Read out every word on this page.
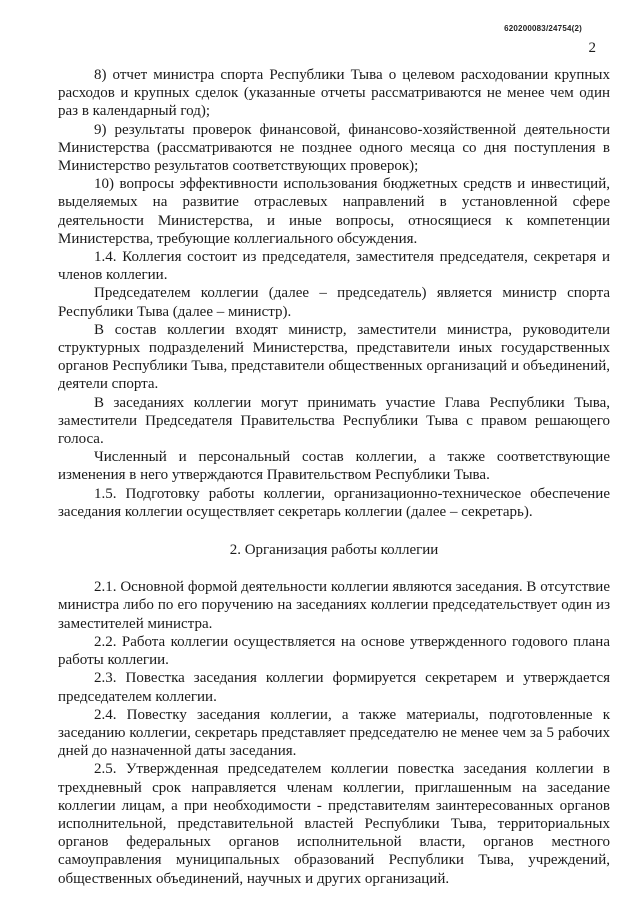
620200083/24754(2)
2

8) отчет министра спорта Республики Тыва о целевом расходовании крупных расходов и крупных сделок (указанные отчеты рассматриваются не менее чем один раз в календарный год);

9) результаты проверок финансовой, финансово-хозяйственной деятельности Министерства (рассматриваются не позднее одного месяца со дня поступления в Министерство результатов соответствующих проверок);

10) вопросы эффективности использования бюджетных средств и инвестиций, выделяемых на развитие отраслевых направлений в установленной сфере деятельности Министерства, и иные вопросы, относящиеся к компетенции Министерства, требующие коллегиального обсуждения.

1.4. Коллегия состоит из председателя, заместителя председателя, секретаря и членов коллегии.

Председателем коллегии (далее – председатель) является министр спорта Республики Тыва (далее – министр).

В состав коллегии входят министр, заместители министра, руководители структурных подразделений Министерства, представители иных государственных органов Республики Тыва, представители общественных организаций и объединений, деятели спорта.

В заседаниях коллегии могут принимать участие Глава Республики Тыва, заместители Председателя Правительства Республики Тыва с правом решающего голоса.

Численный и персональный состав коллегии, а также соответствующие изменения в него утверждаются Правительством Республики Тыва.

1.5. Подготовку работы коллегии, организационно-техническое обеспечение заседания коллегии осуществляет секретарь коллегии (далее – секретарь).

2. Организация работы коллегии

2.1. Основной формой деятельности коллегии являются заседания. В отсутствие министра либо по его поручению на заседаниях коллегии председательствует один из заместителей министра.

2.2. Работа коллегии осуществляется на основе утвержденного годового плана работы коллегии.

2.3. Повестка заседания коллегии формируется секретарем и утверждается председателем коллегии.

2.4. Повестку заседания коллегии, а также материалы, подготовленные к заседанию коллегии, секретарь представляет председателю не менее чем за 5 рабочих дней до назначенной даты заседания.

2.5. Утвержденная председателем коллегии повестка заседания коллегии в трехдневный срок направляется членам коллегии, приглашенным на заседание коллегии лицам, а при необходимости - представителям заинтересованных органов исполнительной, представительной властей Республики Тыва, территориальных органов федеральных органов исполнительной власти, органов местного самоуправления муниципальных образований Республики Тыва, учреждений, общественных объединений, научных и других организаций.
